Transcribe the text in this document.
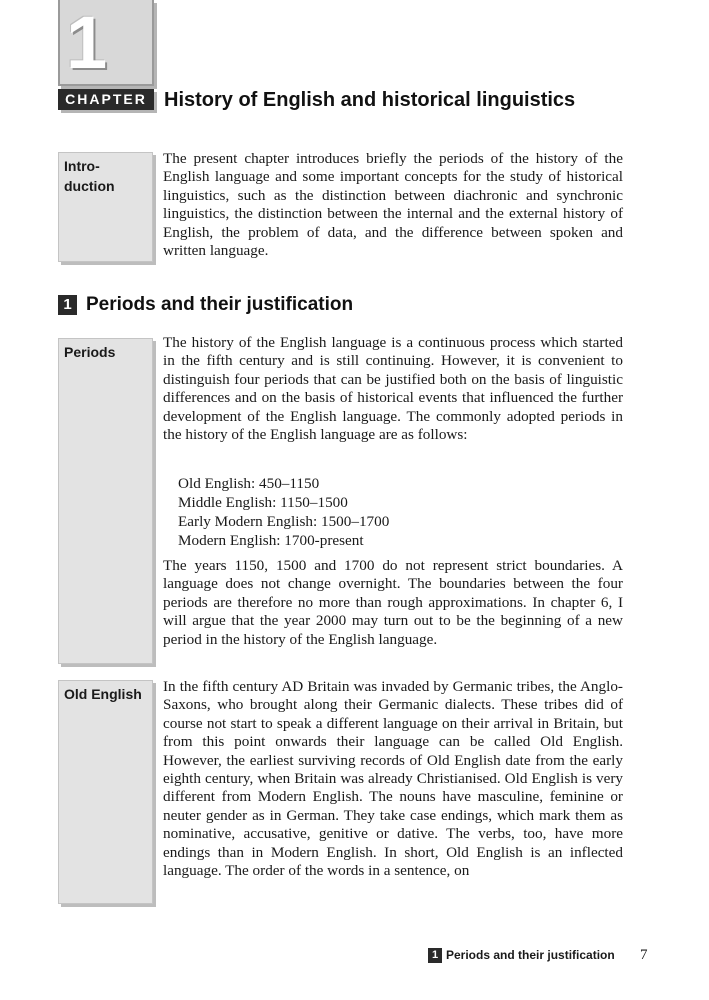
1
CHAPTER History of English and historical linguistics
Intro-
duction

The present chapter introduces briefly the periods of the history of the English language and some important concepts for the study of historical linguistics, such as the distinction between diachronic and synchronic linguistics, the distinction between the internal and the external history of English, the problem of data, and the difference between spoken and written language.

1 Periods and their justification
Periods

The history of the English language is a continuous process which started in the fifth century and is still continuing. However, it is convenient to distinguish four periods that can be justified both on the basis of linguistic differences and on the basis of historical events that influenced the further development of the English language. The commonly adopted periods in the history of the English language are as follows:

Old English: 450–1150
Middle English: 1150–1500
Early Modern English: 1500–1700
Modern English: 1700-present

The years 1150, 1500 and 1700 do not represent strict boundaries. A language does not change overnight. The boundaries between the four periods are therefore no more than rough approximations. In chapter 6, I will argue that the year 2000 may turn out to be the beginning of a new period in the history of the English language.

Old English	In the fifth century AD Britain was invaded by Germanic tribes, the Anglo-Saxons, who brought along their Germanic dialects. These tribes did of course not start to speak a different language on their arrival in Britain, but from this point onwards their language can be called Old English. However, the earliest surviving records of Old English date from the early eighth century, when Britain was already Christianised. Old English is very different from Modern English. The nouns have masculine, feminine or neuter gender as in German. They take case endings, which mark them as nominative, accusative, genitive or dative. The verbs, too, have more endings than in Modern English. In short, Old English is an inflected language. The order of the words in a sentence, on

1 Periods and their justification	7
